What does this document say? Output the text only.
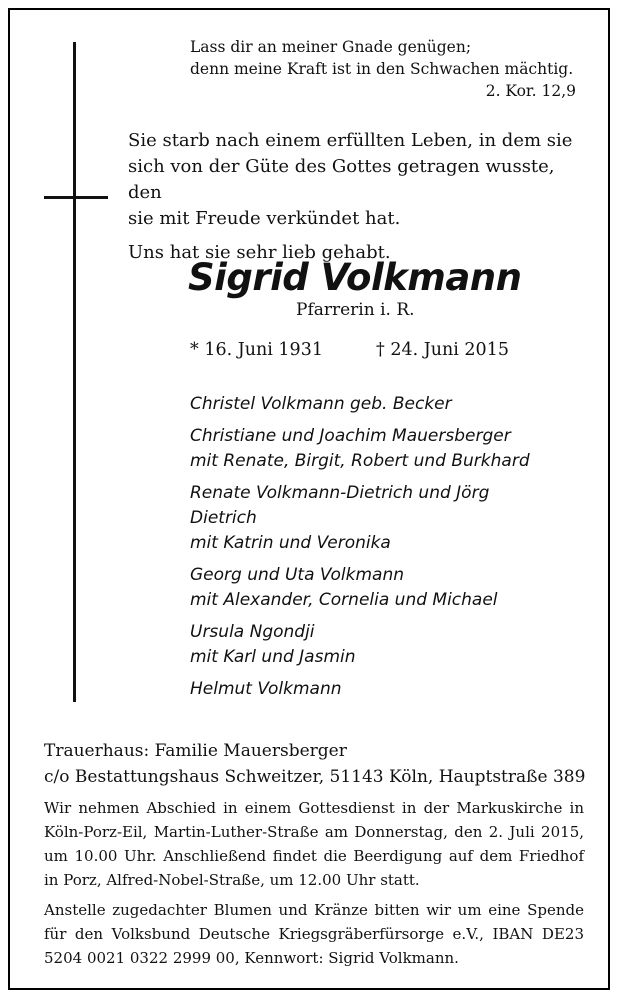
Lass dir an meiner Gnade genügen;
denn meine Kraft ist in den Schwachen mächtig.
2. Kor. 12,9

Sie starb nach einem erfüllten Leben, in dem sie
sich von der Güte des Gottes getragen wusste, den
sie mit Freude verkündet hat.

Uns hat sie sehr lieb gehabt.

Sigrid Volkmann
Pfarrerin i. R.
* 16. Juni 1931	† 24. Juni 2015
Christel Volkmann geb. Becker
Christiane und Joachim Mauersberger
mit Renate, Birgit, Robert und Burkhard
Renate Volkmann-Dietrich und Jörg
Dietrich
mit Katrin und Veronika
Georg und Uta Volkmann
mit Alexander, Cornelia und Michael
Ursula Ngondji
mit Karl und Jasmin
Helmut Volkmann
Trauerhaus: Familie Mauersberger
c/o Bestattungshaus Schweitzer, 51143 Köln, Hauptstraße 389

Wir nehmen Abschied in einem Gottesdienst in der Markuskirche in Köln-Porz-Eil, Martin-Luther-Straße am Donnerstag, den 2. Juli 2015, um 10.00 Uhr. Anschließend findet die Beerdigung auf dem Friedhof in Porz, Alfred-Nobel-Straße, um 12.00 Uhr statt.

Anstelle zugedachter Blumen und Kränze bitten wir um eine Spende für den Volksbund Deutsche Kriegsgräberfürsorge e.V., IBAN DE23 5204 0021 0322 2999 00, Kennwort: Sigrid Volkmann.
